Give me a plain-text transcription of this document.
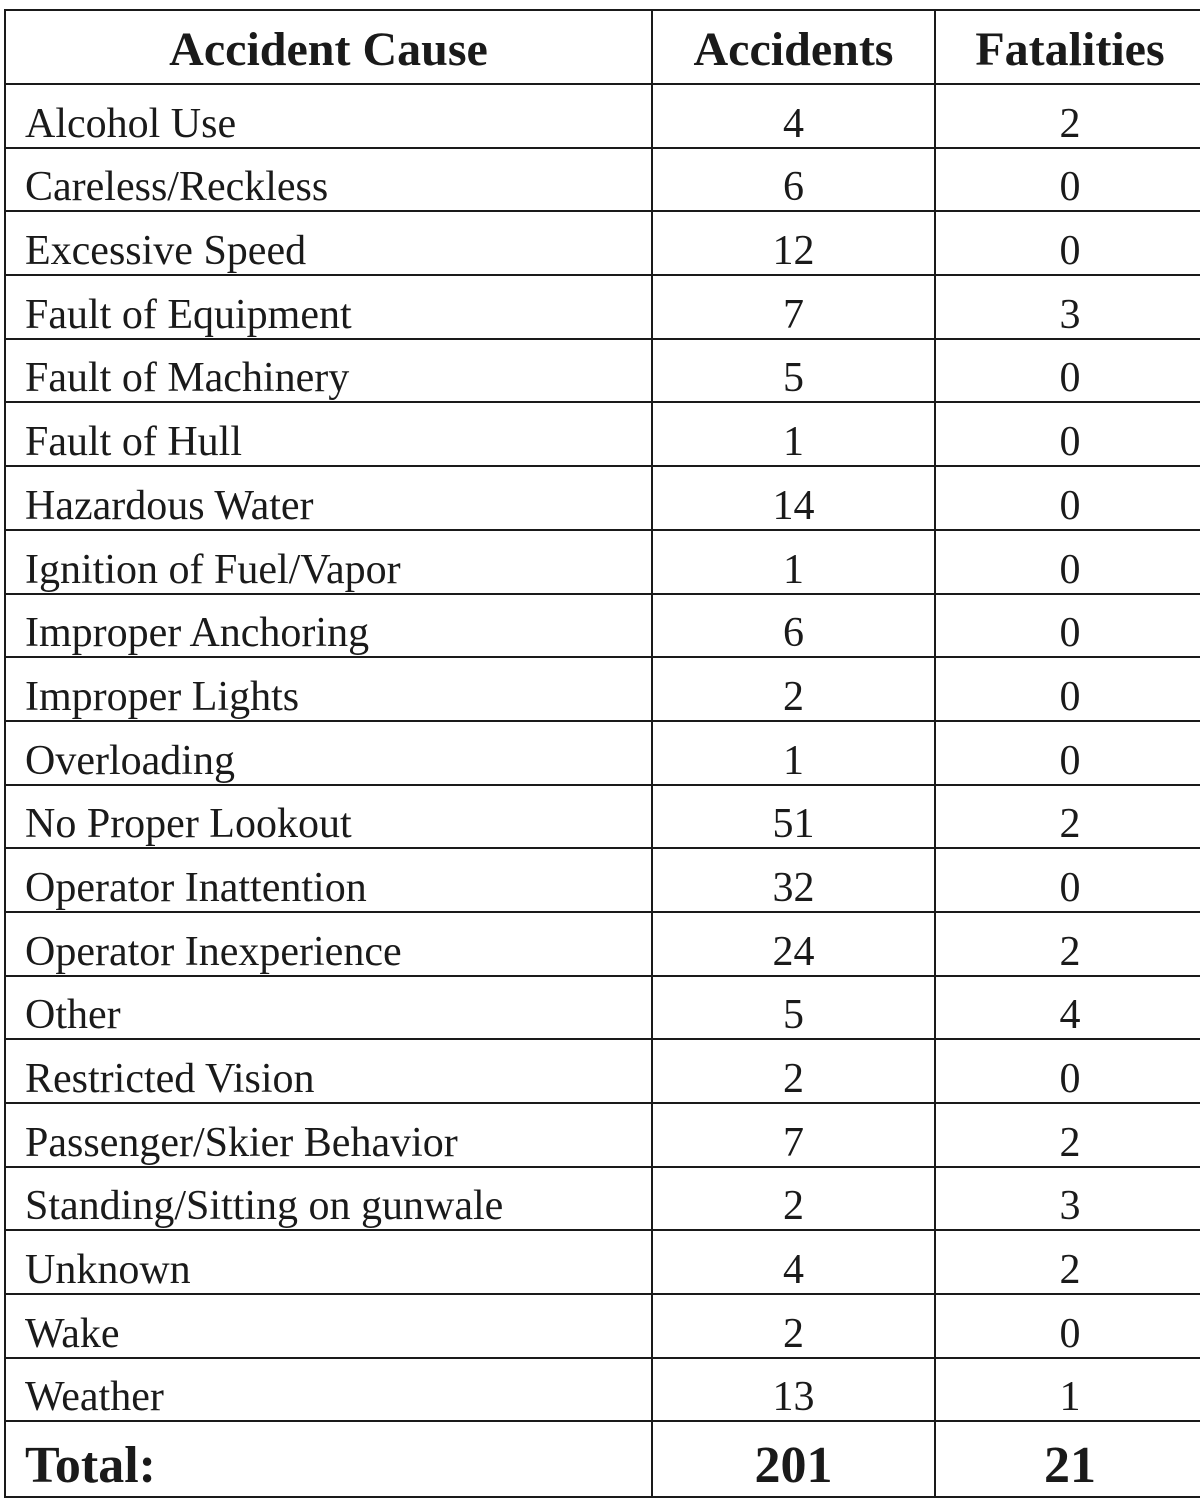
Accident Cause	Accidents	Fatalities
Alcohol Use	4	2
Careless/Reckless	6	0
Excessive Speed	12	0
Fault of Equipment	7	3
Fault of Machinery	5	0
Fault of Hull	1	0
Hazardous Water	14	0
Ignition of Fuel/Vapor	1	0
Improper Anchoring	6	0
Improper Lights	2	0
Overloading	1	0
No Proper Lookout	51	2
Operator Inattention	32	0
Operator Inexperience	24	2
Other	5	4
Restricted Vision	2	0
Passenger/Skier Behavior	7	2
Standing/Sitting on gunwale	2	3
Unknown	4	2
Wake	2	0
Weather	13	1
Total:	201	21
